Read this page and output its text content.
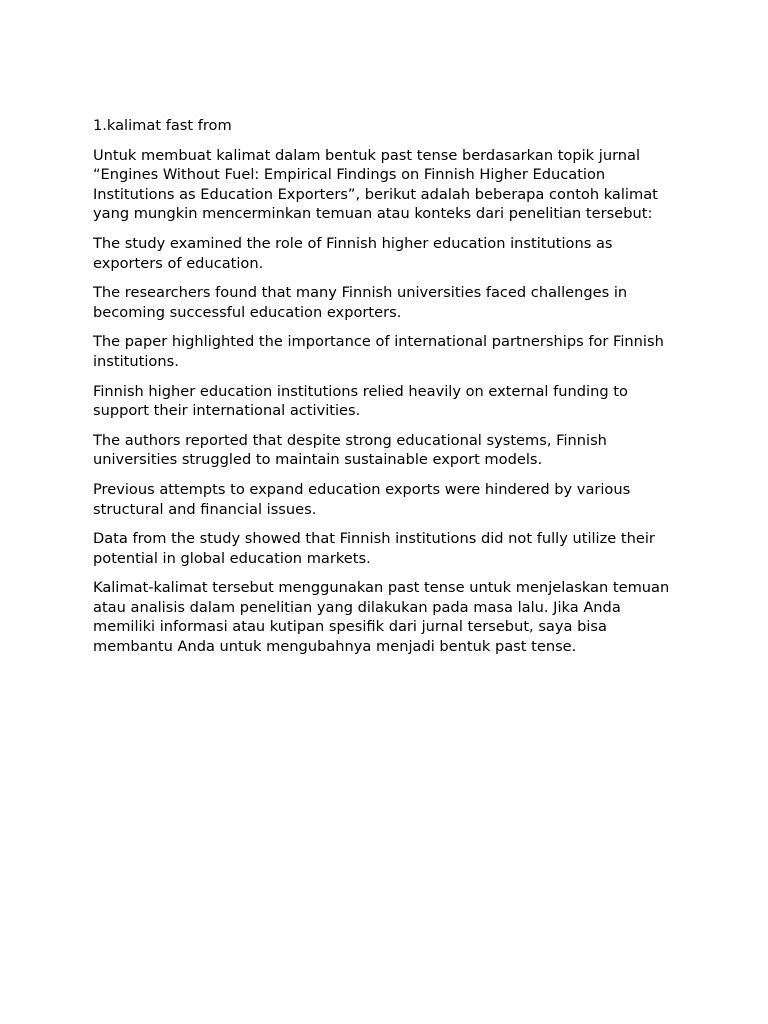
1.kalimat fast from

Untuk membuat kalimat dalam bentuk past tense berdasarkan topik jurnal “Engines Without Fuel: Empirical Findings on Finnish Higher Education Institutions as Education Exporters”, berikut adalah beberapa contoh kalimat yang mungkin mencerminkan temuan atau konteks dari penelitian tersebut:

The study examined the role of Finnish higher education institutions as exporters of education.

The researchers found that many Finnish universities faced challenges in becoming successful education exporters.

The paper highlighted the importance of international partnerships for Finnish institutions.

Finnish higher education institutions relied heavily on external funding to support their international activities.

The authors reported that despite strong educational systems, Finnish universities struggled to maintain sustainable export models.

Previous attempts to expand education exports were hindered by various structural and financial issues.

Data from the study showed that Finnish institutions did not fully utilize their potential in global education markets.

Kalimat-kalimat tersebut menggunakan past tense untuk menjelaskan temuan atau analisis dalam penelitian yang dilakukan pada masa lalu. Jika Anda memiliki informasi atau kutipan spesifik dari jurnal tersebut, saya bisa membantu Anda untuk mengubahnya menjadi bentuk past tense.
